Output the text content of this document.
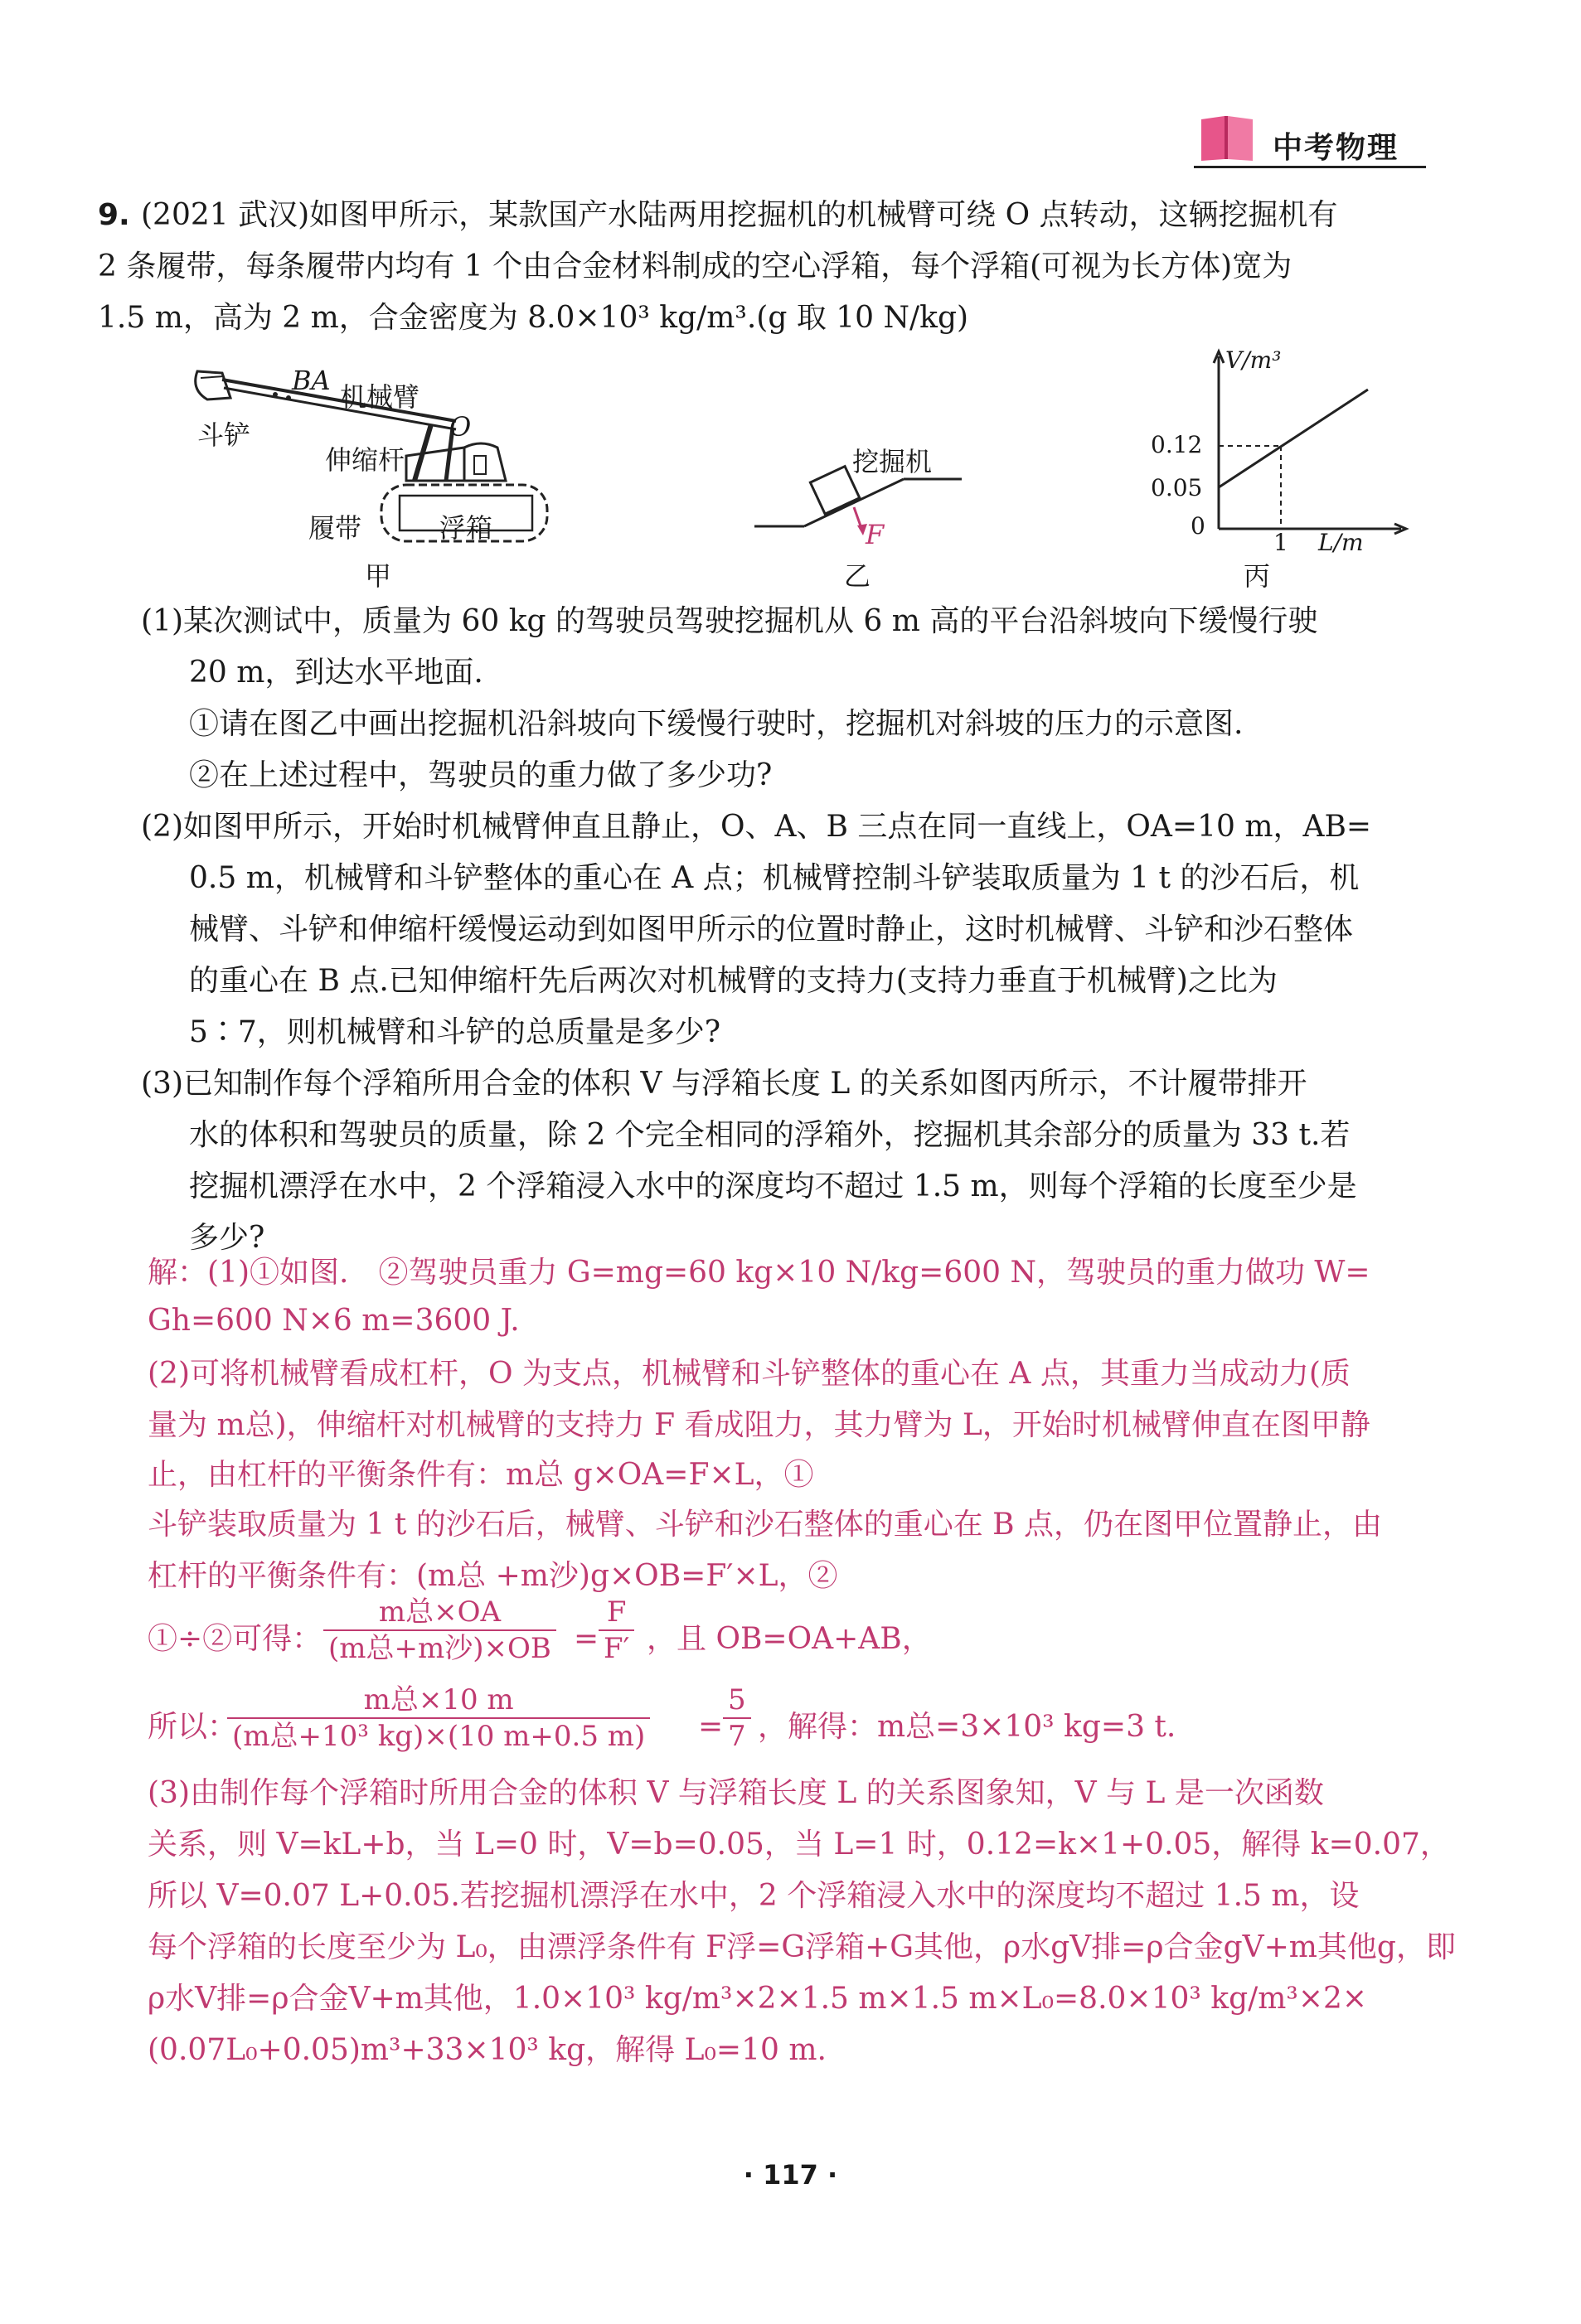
中考物理
9. (2021 武汉)如图甲所示，某款国产水陆两用挖掘机的机械臂可绕 O 点转动，这辆挖掘机有
2 条履带，每条履带内均有 1 个由合金材料制成的空心浮箱，每个浮箱(可视为长方体)宽为
1.5 m，高为 2 m，合金密度为 8.0×10³ kg/m³.(g 取 10 N/kg)
BA
机械臂
O
斗铲
伸缩杆
履带	浮箱
甲
挖掘机
F
乙
V/m³
L/m
0.12
0.05
0
1
丙
(1)某次测试中，质量为 60 kg 的驾驶员驾驶挖掘机从 6 m 高的平台沿斜坡向下缓慢行驶
20 m，到达水平地面.
①请在图乙中画出挖掘机沿斜坡向下缓慢行驶时，挖掘机对斜坡的压力的示意图.
②在上述过程中，驾驶员的重力做了多少功?
(2)如图甲所示，开始时机械臂伸直且静止，O、A、B 三点在同一直线上，OA=10 m，AB=
0.5 m，机械臂和斗铲整体的重心在 A 点；机械臂控制斗铲装取质量为 1 t 的沙石后，机
械臂、斗铲和伸缩杆缓慢运动到如图甲所示的位置时静止，这时机械臂、斗铲和沙石整体
的重心在 B 点.已知伸缩杆先后两次对机械臂的支持力(支持力垂直于机械臂)之比为
5∶7，则机械臂和斗铲的总质量是多少?
(3)已知制作每个浮箱所用合金的体积 V 与浮箱长度 L 的关系如图丙所示，不计履带排开
水的体积和驾驶员的质量，除 2 个完全相同的浮箱外，挖掘机其余部分的质量为 33 t.若
挖掘机漂浮在水中，2 个浮箱浸入水中的深度均不超过 1.5 m，则每个浮箱的长度至少是
多少?
解：(1)①如图.　②驾驶员重力 G=mg=60 kg×10 N/kg=600 N，驾驶员的重力做功 W=
Gh=600 N×6 m=3600 J.
(2)可将机械臂看成杠杆，O 为支点，机械臂和斗铲整体的重心在 A 点，其重力当成动力(质
量为 m总)，伸缩杆对机械臂的支持力 F 看成阻力，其力臂为 L，开始时机械臂伸直在图甲静
止，由杠杆的平衡条件有：m总 g×OA=F×L，①
斗铲装取质量为 1 t 的沙石后，械臂、斗铲和沙石整体的重心在 B 点，仍在图甲位置静止，由
杠杆的平衡条件有：(m总 +m沙)g×OB=F′×L，②
①÷②可得：
m总×OA
(m总+m沙)$\times OB = \frac{F}{F'}$ ，且 OB=OA+AB，
所以：
m总×10 m
(m总+10³ kg)×(10 m+0.5 $m) = \frac{5}{7}$ ，解得：m总=3×10³ kg=3 t.
(3)由制作每个浮箱时所用合金的体积 V 与浮箱长度 L 的关系图象知，V 与 L 是一次函数
关系，则 V=kL+b，当 L=0 时，V=b=0.05，当 L=1 时，0.12=k×1+0.05，解得 k=0.07，
所以 V=0.07 L+0.05.若挖掘机漂浮在水中，2 个浮箱浸入水中的深度均不超过 1.5 m，设
每个浮箱的长度至少为 L₀，由漂浮条件有 F浮=G浮箱+G其他，ρ水gV排=ρ合金gV+m其他g，即
ρ水V排=ρ合金V+m其他，1.0×10³ kg/m³×2×1.5 m×1.5 m×L₀=8.0×10³ kg/m³×2×
(0.07L₀+0.05)m³+33×10³ kg，解得 L₀=10 m.
· 117 ·
